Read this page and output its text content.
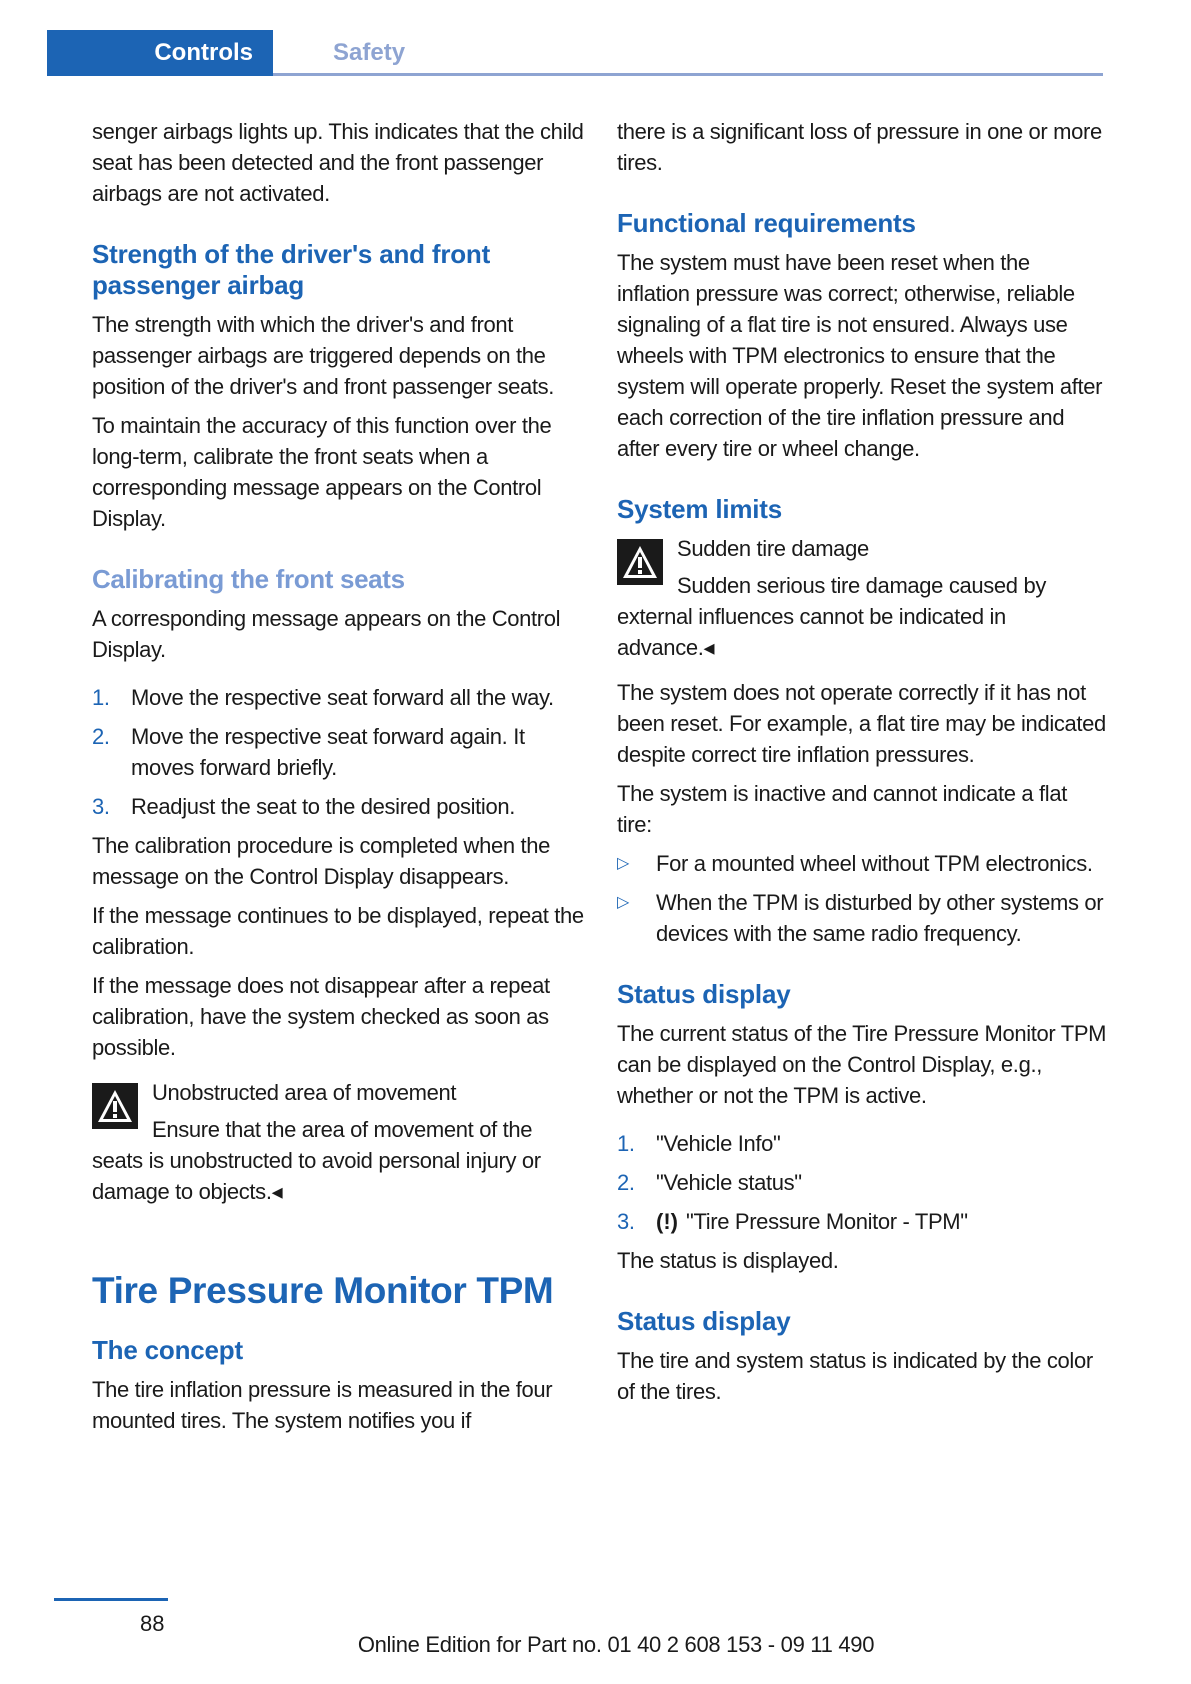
Controls	Safety

senger airbags lights up. This indicates that the child seat has been detected and the front passenger airbags are not activated.

Strength of the driver's and front passenger airbag

The strength with which the driver's and front passenger airbags are triggered depends on the position of the driver's and front passenger seats.

To maintain the accuracy of this function over the long-term, calibrate the front seats when a corresponding message appears on the Control Display.

Calibrating the front seats

A corresponding message appears on the Control Display.

1. Move the respective seat forward all the way.
2. Move the respective seat forward again. It moves forward briefly.
3. Readjust the seat to the desired position.

The calibration procedure is completed when the message on the Control Display disappears.

If the message continues to be displayed, repeat the calibration.

If the message does not disappear after a repeat calibration, have the system checked as soon as possible.

Unobstructed area of movement
Ensure that the area of movement of the seats is unobstructed to avoid personal injury or damage to objects.◂
Tire Pressure Monitor TPM
The concept

The tire inflation pressure is measured in the four mounted tires. The system notifies you if

there is a significant loss of pressure in one or more tires.

Functional requirements

The system must have been reset when the inflation pressure was correct; otherwise, reliable signaling of a flat tire is not ensured. Always use wheels with TPM electronics to ensure that the system will operate properly. Reset the system after each correction of the tire inflation pressure and after every tire or wheel change.

System limits
Sudden tire damage
Sudden serious tire damage caused by external influences cannot be indicated in advance.◂

The system does not operate correctly if it has not been reset. For example, a flat tire may be indicated despite correct tire inflation pressures.

The system is inactive and cannot indicate a flat tire:

▷	For a mounted wheel without TPM electronics.
▷	When the TPM is disturbed by other systems or devices with the same radio frequency.
Status display

The current status of the Tire Pressure Monitor TPM can be displayed on the Control Display, e.g., whether or not the TPM is active.

1. "Vehicle Info"
2. "Vehicle status"
3. (!) "Tire Pressure Monitor - TPM"

The status is displayed.

Status display

The tire and system status is indicated by the color of the tires.

88
Online Edition for Part no. 01 40 2 608 153 - 09 11 490
